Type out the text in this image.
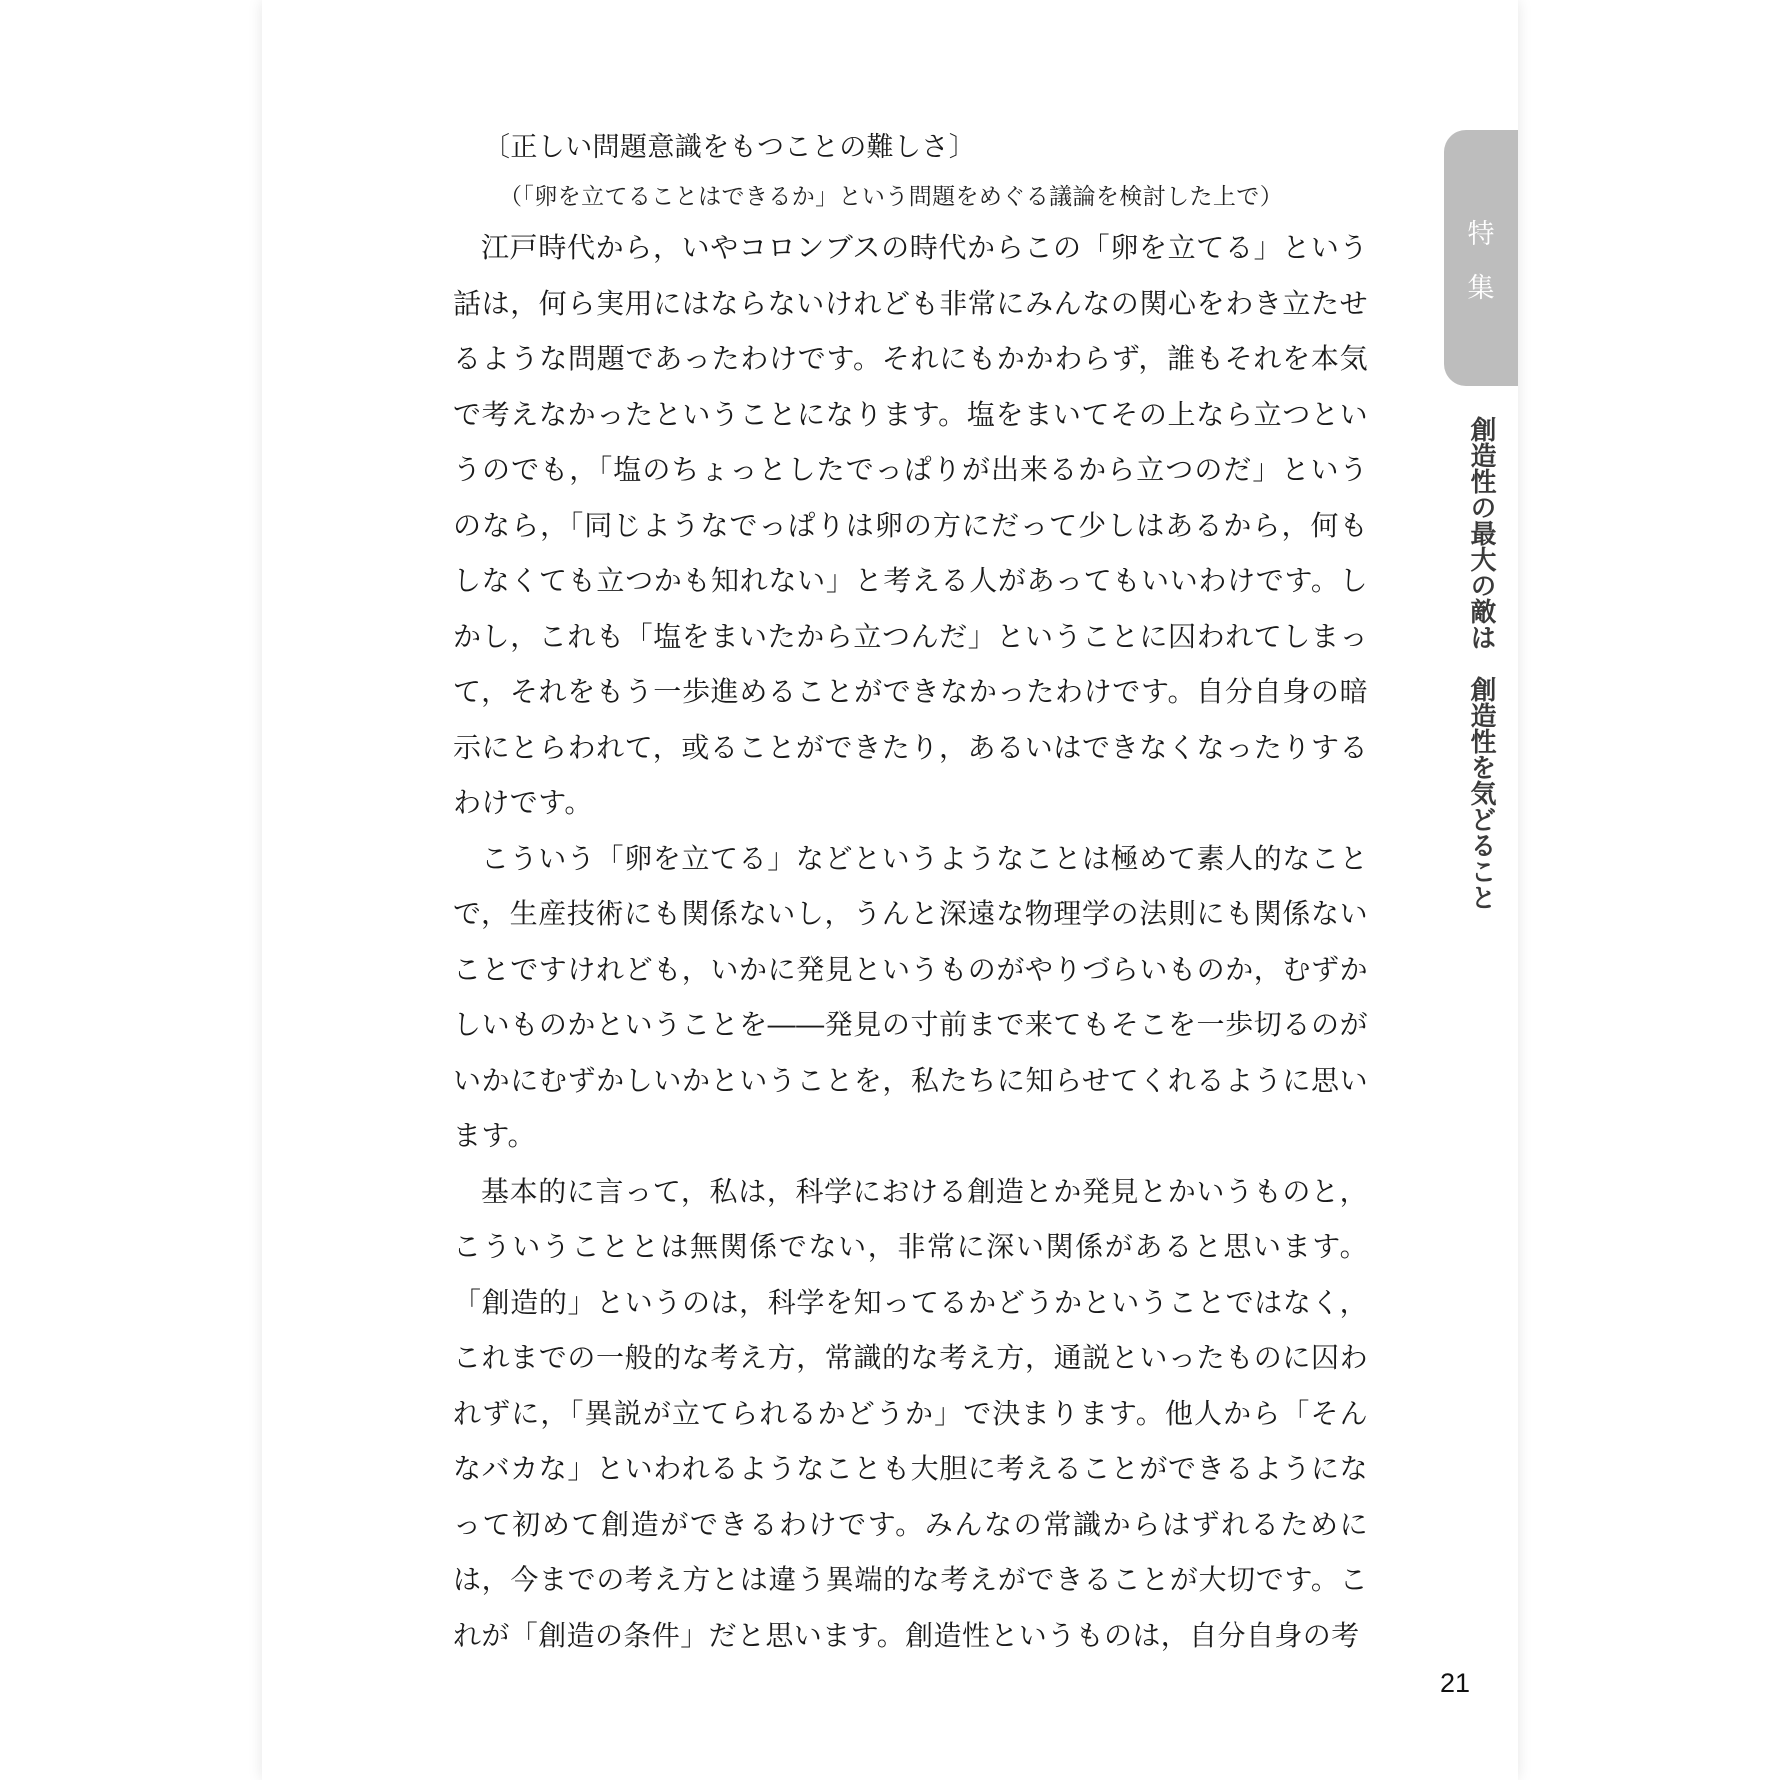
〔正しい問題意識をもつことの難しさ〕
（「卵を立てることはできるか」という問題をめぐる議論を検討した上で）

江戸時代から，いやコロンブスの時代からこの「卵を立てる」という話は，何ら実用にはならないけれども非常にみんなの関心をわき立たせるような問題であったわけです。それにもかかわらず，誰もそれを本気で考えなかったということになります。塩をまいてその上なら立つというのでも，「塩のちょっとしたでっぱりが出来るから立つのだ」というのなら，「同じようなでっぱりは卵の方にだって少しはあるから，何もしなくても立つかも知れない」と考える人があってもいいわけです。しかし，これも「塩をまいたから立つんだ」ということに囚われてしまって，それをもう一歩進めることができなかったわけです。自分自身の暗示にとらわれて，或ることができたり，あるいはできなくなったりするわけです。

こういう「卵を立てる」などというようなことは極めて素人的なことで，生産技術にも関係ないし，うんと深遠な物理学の法則にも関係ないことですけれども，いかに発見というものがやりづらいものか，むずかしいものかということを――発見の寸前まで来てもそこを一歩切るのがいかにむずかしいかということを，私たちに知らせてくれるように思います。

基本的に言って，私は，科学における創造とか発見とかいうものと，こういうこととは無関係でない，非常に深い関係があると思います。「創造的」というのは，科学を知ってるかどうかということではなく，これまでの一般的な考え方，常識的な考え方，通説といったものに囚われずに，「異説が立てられるかどうか」で決まります。他人から「そんなバカな」といわれるようなことも大胆に考えることができるようになって初めて創造ができるわけです。みんなの常識からはずれるためには，今までの考え方とは違う異端的な考えができることが大切です。これが「創造の条件」だと思います。創造性というものは，自分自身の考

特
集
創造性の最大の敵は　創造性を気どること
21
